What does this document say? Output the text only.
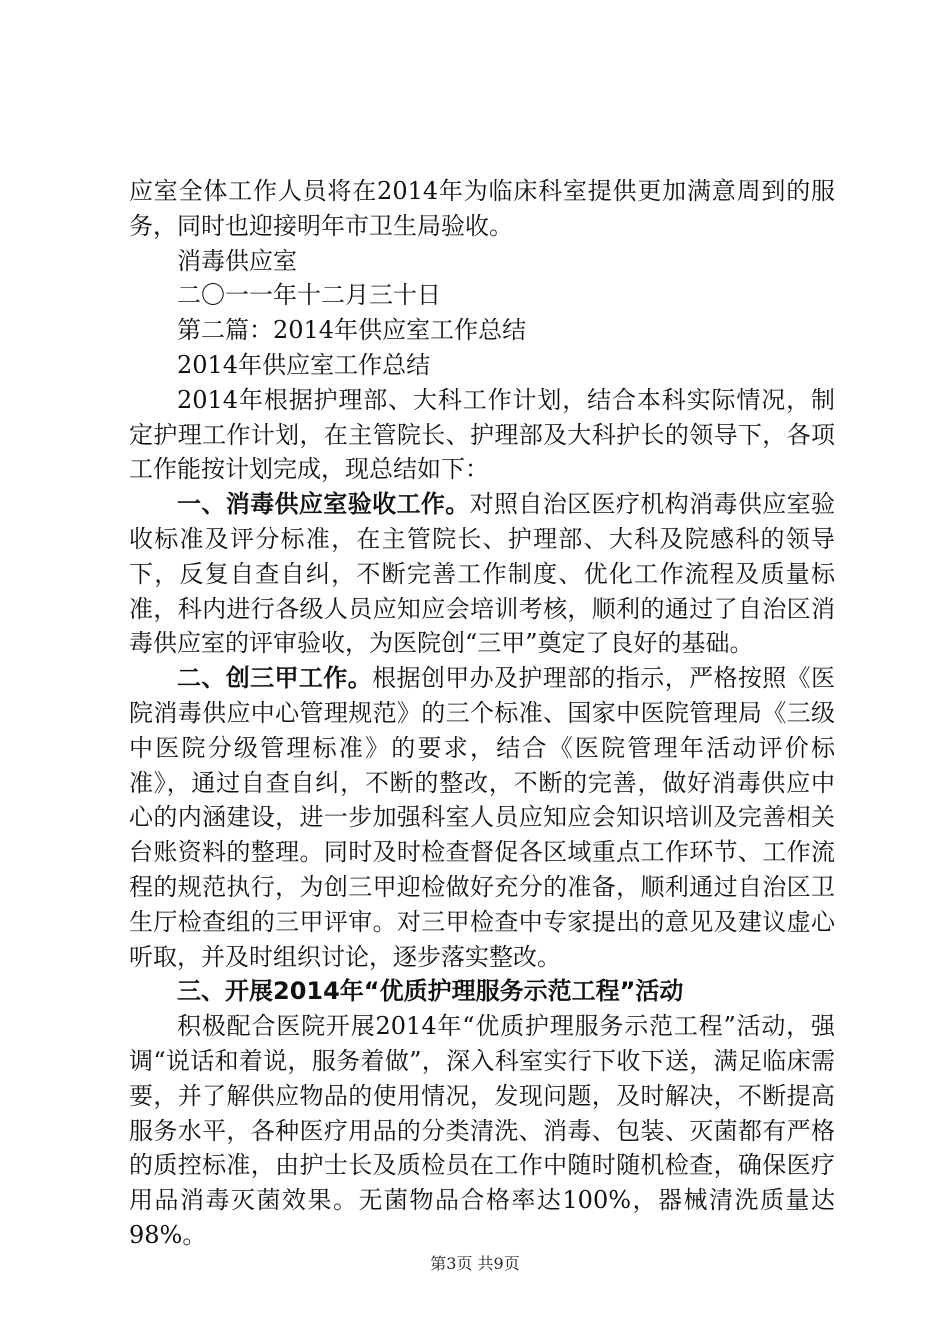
应室全体工作人员将在2014年为临床科室提供更加满意周到的服务，同时也迎接明年市卫生局验收。

消毒供应室

二〇一一年十二月三十日

第二篇：2014年供应室工作总结

2014年供应室工作总结

2014年根据护理部、大科工作计划，结合本科实际情况，制定护理工作计划，在主管院长、护理部及大科护长的领导下，各项工作能按计划完成，现总结如下：

一、消毒供应室验收工作。对照自治区医疗机构消毒供应室验收标准及评分标准，在主管院长、护理部、大科及院感科的领导下，反复自查自纠，不断完善工作制度、优化工作流程及质量标准，科内进行各级人员应知应会培训考核，顺利的通过了自治区消毒供应室的评审验收，为医院创“三甲”奠定了良好的基础。

二、创三甲工作。根据创甲办及护理部的指示，严格按照《医院消毒供应中心管理规范》的三个标准、国家中医院管理局《三级中医院分级管理标准》的要求，结合《医院管理年活动评价标准》，通过自查自纠，不断的整改，不断的完善，做好消毒供应中心的内涵建设，进一步加强科室人员应知应会知识培训及完善相关台账资料的整理。同时及时检查督促各区域重点工作环节、工作流程的规范执行，为创三甲迎检做好充分的准备，顺利通过自治区卫生厅检查组的三甲评审。对三甲检查中专家提出的意见及建议虚心听取，并及时组织讨论，逐步落实整改。

三、开展2014年“优质护理服务示范工程”活动

积极配合医院开展2014年“优质护理服务示范工程”活动，强调“说话和着说，服务着做”，深入科室实行下收下送，满足临床需要，并了解供应物品的使用情况，发现问题，及时解决，不断提高服务水平，各种医疗用品的分类清洗、消毒、包装、灭菌都有严格的质控标准，由护士长及质检员在工作中随时随机检查，确保医疗用品消毒灭菌效果。无菌物品合格率达100%，器械清洗质量达98%。

第3页 共9页
